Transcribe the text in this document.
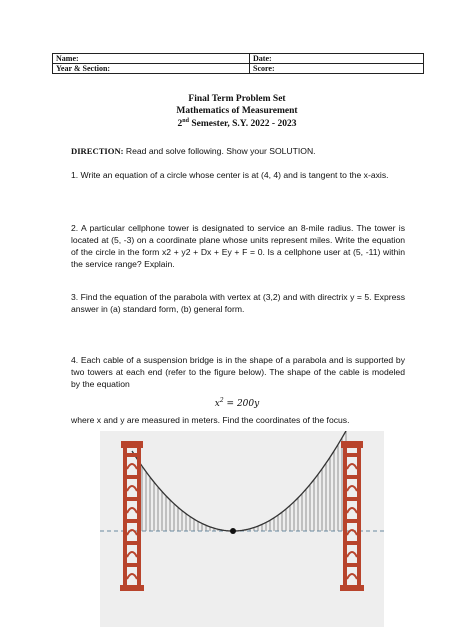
Name:	Date:
Year & Section:	Score:
Final Term Problem Set
Mathematics of Measurement
2nd Semester, S.Y. 2022 - 2023
DIRECTION: Read and solve following. Show your SOLUTION.
1. Write an equation of a circle whose center is at (4, 4) and is tangent to the x-axis.
2. A particular cellphone tower is designated to service an 8-mile radius. The tower is located at (5, -3) on a coordinate plane whose units represent miles. Write the equation of the circle in the form x2 + y2 + Dx + Ey + F = 0. Is a cellphone user at (5, -11) within the service range? Explain.
3. Find the equation of the parabola with vertex at (3,2) and with directrix y = 5. Express answer in (a) standard form, (b) general form.
4. Each cable of a suspension bridge is in the shape of a parabola and is supported by two towers at each end (refer to the figure below). The shape of the cable is modeled by the equation
$x^2 = 200y$
where x and y are measured in meters. Find the coordinates of the focus.
